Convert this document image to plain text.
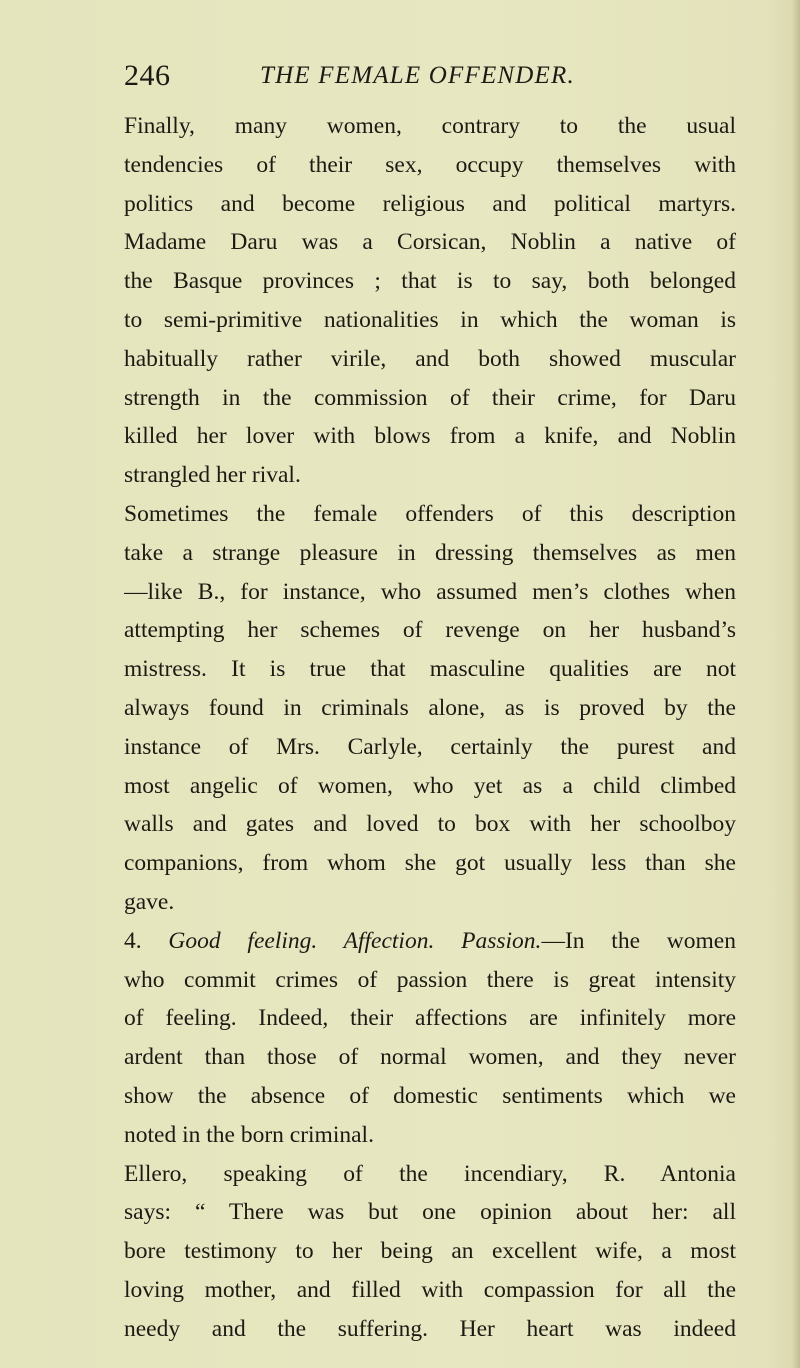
246	THE FEMALE OFFENDER.
Finally, many women, contrary to the usual
tendencies of their sex, occupy themselves with
politics and become religious and political martyrs.
Madame Daru was a Corsican, Noblin a native of
the Basque provinces ; that is to say, both belonged
to semi-primitive nationalities in which the woman is
habitually rather virile, and both showed muscular
strength in the commission of their crime, for Daru
killed her lover with blows from a knife, and Noblin
strangled her rival.
Sometimes the female offenders of this description
take a strange pleasure in dressing themselves as men
—like B., for instance, who assumed men’s clothes when
attempting her schemes of revenge on her husband’s
mistress. It is true that masculine qualities are not
always found in criminals alone, as is proved by the
instance of Mrs. Carlyle, certainly the purest and
most angelic of women, who yet as a child climbed
walls and gates and loved to box with her schoolboy
companions, from whom she got usually less than she
gave.
4. Good feeling. Affection. Passion.—In the women
who commit crimes of passion there is great intensity
of feeling. Indeed, their affections are infinitely more
ardent than those of normal women, and they never
show the absence of domestic sentiments which we
noted in the born criminal.
Ellero, speaking of the incendiary, R. Antonia
says: “ There was but one opinion about her: all
bore testimony to her being an excellent wife, a most
loving mother, and filled with compassion for all the
needy and the suffering. Her heart was indeed
